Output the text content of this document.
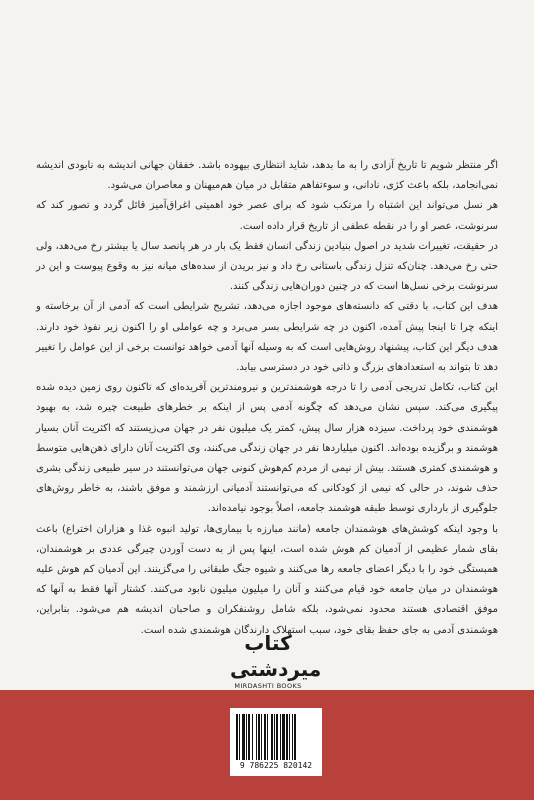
اگر منتظر شویم تا تاریخ آزادی را به ما بدهد، شاید انتظاری بیهوده باشد. خفقان جهانی اندیشه به نابودی اندیشه نمی‌انجامد، بلکه باعث کژی، نادانی، و سوءتفاهم متقابل در میان هم‌میهنان و معاصران می‌شود.

هر نسل می‌تواند این اشتباه را مرتکب شود که برای عصر خود اهمیتی اغراق‌آمیز قائل گردد و تصور کند که سرنوشت، عصر او را در نقطه عطفی از تاریخ قرار داده است.

در حقیقت، تغییرات شدید در اصول بنیادین زندگی انسان فقط یک بار در هر پانصد سال یا بیشتر رخ می‌دهد، ولی حتی رخ می‌دهد. چنان‌که تنزل زندگی باستانی رخ داد و نیز بریدن از سده‌های میانه نیز به وقوع پیوست و این در سرنوشت برخی نسل‌ها است که در چنین دوران‌هایی زندگی کنند.

هدف این کتاب، با دقتی که دانسته‌های موجود اجازه می‌دهد، تشریح شرایطی است که آدمی از آن برخاسته و اینکه چرا تا اینجا پیش آمده، اکنون در چه شرایطی بسر می‌برد و چه عواملی او را اکنون زیر نفوذ خود دارند. هدف دیگر این کتاب، پیشنهاد روش‌هایی است که به وسیله آنها آدمی خواهد توانست برخی از این عوامل را تغییر دهد تا بتواند به استعدادهای بزرگ و ذاتی خود در دسترسی بیابد.

این کتاب، تکامل تدریجی آدمی را تا درجه هوشمندترین و نیرومندترین آفریده‌ای که تاکنون روی زمین دیده شده پیگیری می‌کند. سپس نشان می‌دهد که چگونه آدمی پس از اینکه بر خطرهای طبیعت چیره شد، به بهبود هوشمندی خود پرداخت. سیزده هزار سال پیش، کمتر یک میلیون نفر در جهان می‌زیستند که اکثریت آنان بسیار هوشمند و برگزیده بوده‌اند. اکنون میلیاردها نفر در جهان زندگی می‌کنند، وی اکثریت آنان دارای ذهن‌هایی متوسط و هوشمندی کمتری هستند. بیش از نیمی از مردم کم‌هوش کنونی جهان می‌توانستند در سیر طبیعی زندگی بشری حذف شوند، در حالی که نیمی از کودکانی که می‌توانستند آدمیانی ارزشمند و موفق باشند، به خاطر روش‌های جلوگیری از بارداری توسط طبقه هوشمند جامعه، اصلاً بوجود نیامده‌اند.

با وجود اینکه کوشش‌های هوشمندان جامعه (مانند مبارزه با بیماری‌ها، تولید انبوه غذا و هزاران اختراع) باعث بقای شمار عظیمی از آدمیان کم هوش شده است، اینها پس از به دست آوردن چیرگی عددی بر هوشمندان، همبستگی خود را با دیگر اعضای جامعه رها می‌کنند و شیوه جنگ طبقاتی را می‌گزینند. این آدمیان کم هوش علیه هوشمندان در میان جامعه خود قیام می‌کنند و آنان را میلیون میلیون نابود می‌کنند. کشتار آنها فقط به آنها که موفق اقتصادی هستند محدود نمی‌شود، بلکه شامل روشنفکران و صاحبان اندیشه هم می‌شود. بنابراین، هوشمندی آدمی به جای حفظ بقای خود، سبب استهلاک دارندگان هوشمندی شده است.

کتاب میردشتی
MIRDASHTI BOOKS
9 786225 820142
